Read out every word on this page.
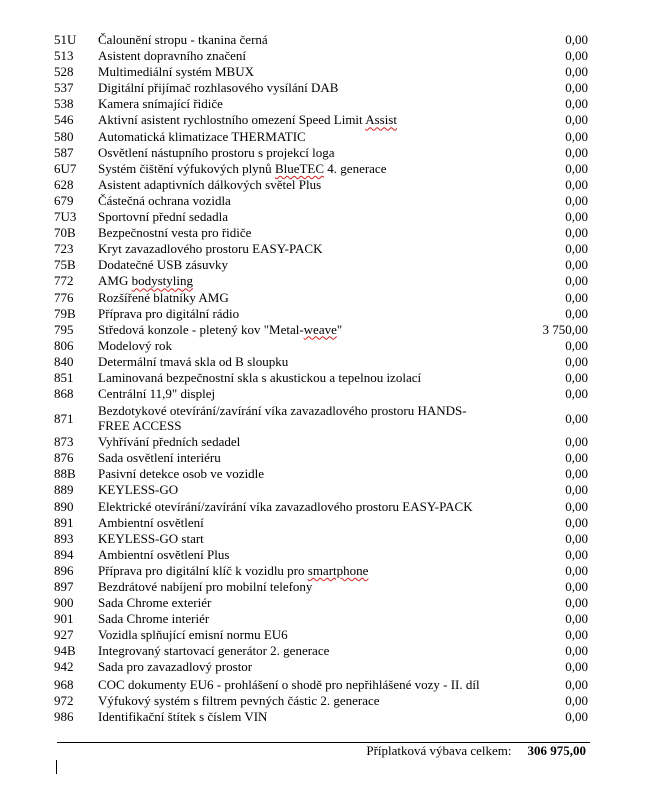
51U	Čalounění stropu - tkanina černá	0,00
513	Asistent dopravního značení	0,00
528	Multimediální systém MBUX	0,00
537	Digitální přijímač rozhlasového vysílání DAB	0,00
538	Kamera snímající řidiče	0,00
546	Aktivní asistent rychlostního omezení Speed Limit Assist	0,00
580	Automatická klimatizace THERMATIC	0,00
587	Osvětlení nástupního prostoru s projekcí loga	0,00
6U7	Systém čištění výfukových plynů BlueTEC 4. generace	0,00
628	Asistent adaptivních dálkových světel Plus	0,00
679	Částečná ochrana vozidla	0,00
7U3	Sportovní přední sedadla	0,00
70B	Bezpečnostní vesta pro řidiče	0,00
723	Kryt zavazadlového prostoru EASY-PACK	0,00
75B	Dodatečné USB zásuvky	0,00
772	AMG bodystyling	0,00
776	Rozšířené blatníky AMG	0,00
79B	Příprava pro digitální rádio	0,00
795	Středová konzole - pletený kov "Metal-weave"	3 750,00
806	Modelový rok	0,00
840	Determální tmavá skla od B sloupku	0,00
851	Laminovaná bezpečnostní skla s akustickou a tepelnou izolací	0,00
868	Centrální 11,9" displej	0,00
871	Bezdotykové otevírání/zavírání víka zavazadlového prostoru HANDS-FREE ACCESS	0,00
873	Vyhřívání předních sedadel	0,00
876	Sada osvětlení interiéru	0,00
88B	Pasivní detekce osob ve vozidle	0,00
889	KEYLESS-GO	0,00
890	Elektrické otevírání/zavírání víka zavazadlového prostoru EASY-PACK	0,00
891	Ambientní osvětlení	0,00
893	KEYLESS-GO start	0,00
894	Ambientní osvětlení Plus	0,00
896	Příprava pro digitální klíč k vozidlu pro smartphone	0,00
897	Bezdrátové nabíjení pro mobilní telefony	0,00
900	Sada Chrome exteriér	0,00
901	Sada Chrome interiér	0,00
927	Vozidla splňující emisní normu EU6	0,00
94B	Integrovaný startovací generátor 2. generace	0,00
942	Sada pro zavazadlový prostor	0,00
968	COC dokumenty EU6 - prohlášení o shodě pro nepřihlášené vozy - II. díl	0,00
972	Výfukový systém s filtrem pevných částic 2. generace	0,00
986	Identifikační štítek s číslem VIN	0,00
Příplatková výbava celkem: 306 975,00
